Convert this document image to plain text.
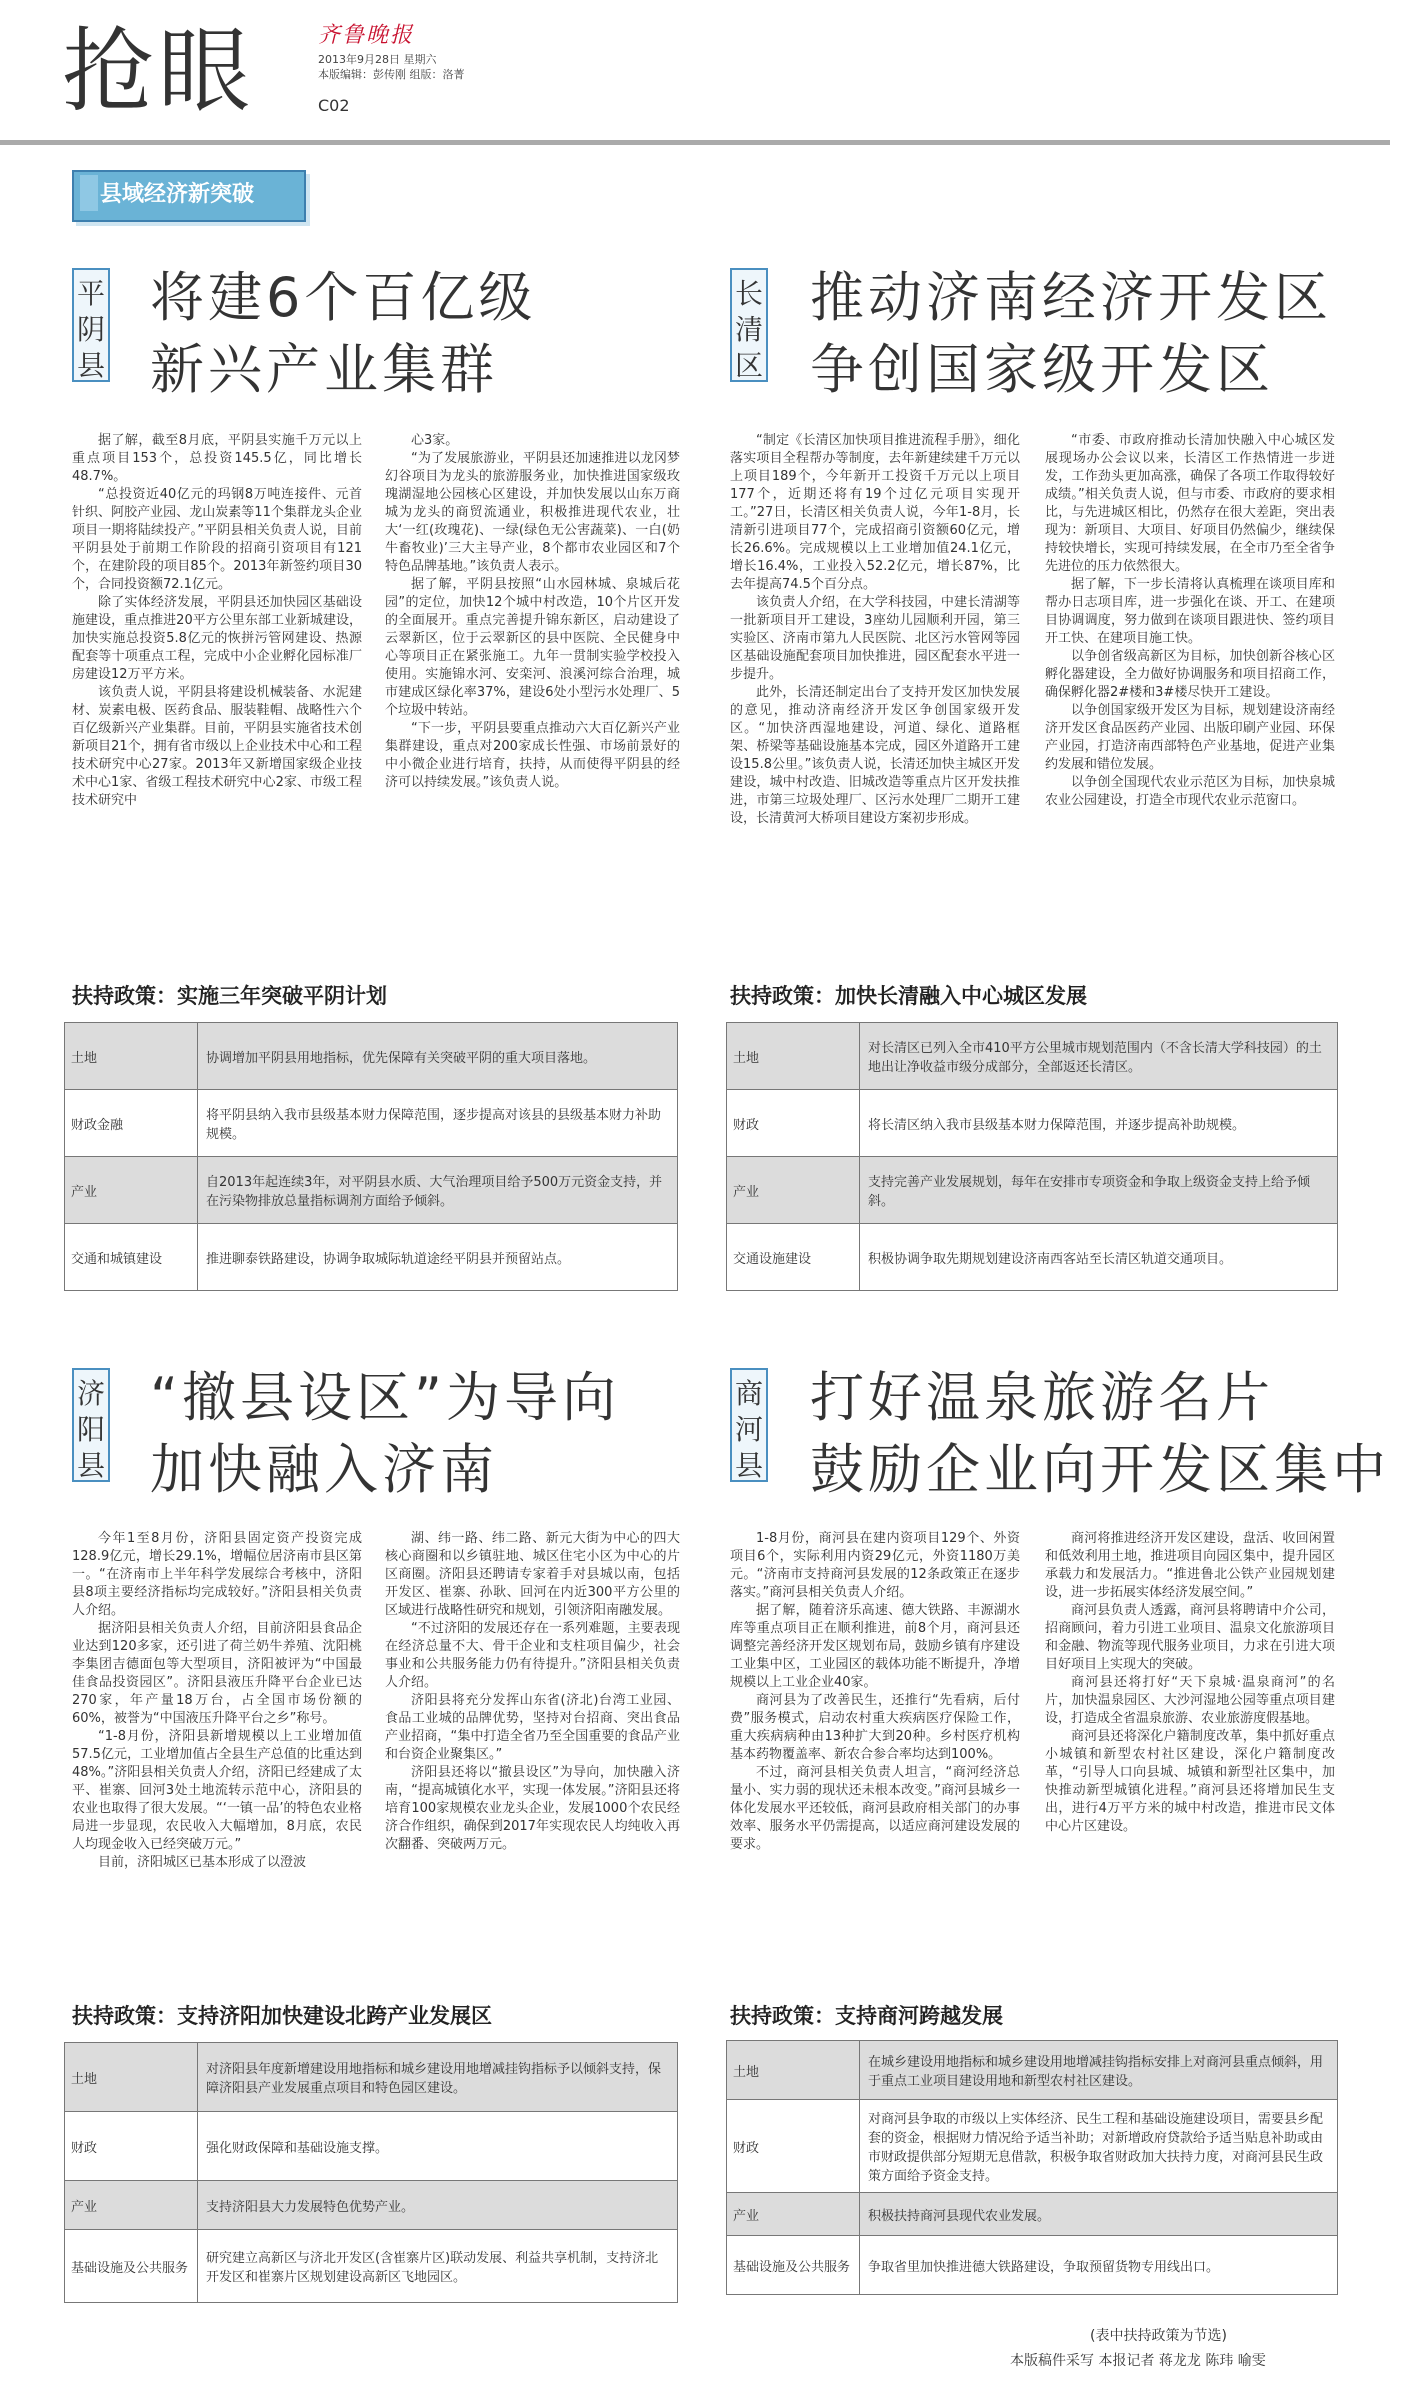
抢眼	齐鲁晚报
2013年9月28日 星期六
本版编辑：彭传刚 组版：洛菁
C02
县域经济新突破
平阴县
将建6个百亿级
新兴产业集群

据了解，截至8月底，平阴县实施千万元以上重点项目153个，总投资145.5亿，同比增长48.7%。

“总投资近40亿元的玛钢8万吨连接件、元首针织、阿胶产业园、龙山炭素等11个集群龙头企业项目一期将陆续投产。”平阴县相关负责人说，目前平阴县处于前期工作阶段的招商引资项目有121个，在建阶段的项目85个。2013年新签约项目30个，合同投资额72.1亿元。

除了实体经济发展，平阴县还加快园区基础设施建设，重点推进20平方公里东部工业新城建设，加快实施总投资5.8亿元的恢拼污管网建设、热源配套等十项重点工程，完成中小企业孵化园标准厂房建设12万平方米。

该负责人说，平阴县将建设机械装备、水泥建材、炭素电极、医药食品、服装鞋帽、战略性六个百亿级新兴产业集群。目前，平阴县实施省技术创新项目21个，拥有省市级以上企业技术中心和工程技术研究中心27家。2013年又新增国家级企业技术中心1家、省级工程技术研究中心2家、市级工程技术研究中

心3家。

“为了发展旅游业，平阴县还加速推进以龙冈梦幻谷项目为龙头的旅游服务业，加快推进国家级玫瑰湖湿地公园核心区建设，并加快发展以山东万商城为龙头的商贸流通业，积极推进现代农业，壮大‘一红(玫瑰花)、一绿(绿色无公害蔬菜)、一白(奶牛畜牧业)’三大主导产业，8个都市农业园区和7个特色品牌基地。”该负责人表示。

据了解，平阴县按照“山水园林城、泉城后花园”的定位，加快12个城中村改造，10个片区开发的全面展开。重点完善提升锦东新区，启动建设了云翠新区，位于云翠新区的县中医院、全民健身中心等项目正在紧张施工。九年一贯制实验学校投入使用。实施锦水河、安栾河、浪溪河综合治理，城市建成区绿化率37%，建设6处小型污水处理厂、5个垃圾中转站。

“下一步，平阴县要重点推动六大百亿新兴产业集群建设，重点对200家成长性强、市场前景好的中小微企业进行培育，扶持，从而使得平阴县的经济可以持续发展。”该负责人说。

扶持政策：实施三年突破平阴计划
土地	协调增加平阴县用地指标，优先保障有关突破平阴的重大项目落地。
财政金融	将平阴县纳入我市县级基本财力保障范围，逐步提高对该县的县级基本财力补助规模。
产业	自2013年起连续3年，对平阴县水质、大气治理项目给予500万元资金支持，并在污染物排放总量指标调剂方面给予倾斜。
交通和城镇建设	推进聊泰铁路建设，协调争取城际轨道途经平阴县并预留站点。
长清区
推动济南经济开发区
争创国家级开发区

“制定《长清区加快项目推进流程手册》，细化落实项目全程帮办等制度，去年新建续建千万元以上项目189个，今年新开工投资千万元以上项目177个，近期还将有19个过亿元项目实现开工。”27日，长清区相关负责人说，今年1-8月，长清新引进项目77个，完成招商引资额60亿元，增长26.6%。完成规模以上工业增加值24.1亿元，增长16.4%，工业投入52.2亿元，增长87%，比去年提高74.5个百分点。

该负责人介绍，在大学科技园，中建长清湖等一批新项目开工建设，3座幼儿园顺利开园，第三实验区、济南市第九人民医院、北区污水管网等园区基础设施配套项目加快推进，园区配套水平进一步提升。

此外，长清还制定出台了支持开发区加快发展的意见，推动济南经济开发区争创国家级开发区。“加快济西湿地建设，河道、绿化、道路框架、桥梁等基础设施基本完成，园区外道路开工建设15.8公里。”该负责人说，长清还加快主城区开发建设，城中村改造、旧城改造等重点片区开发扶推进，市第三垃圾处理厂、区污水处理厂二期开工建设，长清黄河大桥项目建设方案初步形成。

“市委、市政府推动长清加快融入中心城区发展现场办公会议以来，长清区工作热情进一步迸发，工作劲头更加高涨，确保了各项工作取得较好成绩。”相关负责人说，但与市委、市政府的要求相比，与先进城区相比，仍然存在很大差距，突出表现为：新项目、大项目、好项目仍然偏少，继续保持较快增长，实现可持续发展，在全市乃至全省争先进位的压力依然很大。

据了解，下一步长清将认真梳理在谈项目库和帮办日志项目库，进一步强化在谈、开工、在建项目协调调度，努力做到在谈项目跟进快、签约项目开工快、在建项目施工快。

以争创省级高新区为目标，加快创新谷核心区孵化器建设，全力做好协调服务和项目招商工作，确保孵化器2#楼和3#楼尽快开工建设。

以争创国家级开发区为目标，规划建设济南经济开发区食品医药产业园、出版印刷产业园、环保产业园，打造济南西部特色产业基地，促进产业集约发展和错位发展。

以争创全国现代农业示范区为目标，加快泉城农业公园建设，打造全市现代农业示范窗口。

扶持政策：加快长清融入中心城区发展
土地	对长清区已列入全市410平方公里城市规划范围内（不含长清大学科技园）的土地出让净收益市级分成部分，全部返还长清区。
财政	将长清区纳入我市县级基本财力保障范围，并逐步提高补助规模。
产业	支持完善产业发展规划，每年在安排市专项资金和争取上级资金支持上给予倾斜。
交通设施建设	积极协调争取先期规划建设济南西客站至长清区轨道交通项目。
济阳县
“撤县设区”为导向
加快融入济南

今年1至8月份，济阳县固定资产投资完成128.9亿元，增长29.1%，增幅位居济南市县区第一。“在济南市上半年科学发展综合考核中，济阳县8项主要经济指标均完成较好。”济阳县相关负责人介绍。

据济阳县相关负责人介绍，目前济阳县食品企业达到120多家，还引进了荷兰奶牛养殖、沈阳桃李集团吉德面包等大型项目，济阳被评为“中国最佳食品投资园区”。济阳县液压升降平台企业已达270家，年产量18万台，占全国市场份额的60%，被誉为“中国液压升降平台之乡”称号。

“1-8月份，济阳县新增规模以上工业增加值57.5亿元，工业增加值占全县生产总值的比重达到48%。”济阳县相关负责人介绍，济阳已经建成了太平、崔寨、回河3处土地流转示范中心，济阳县的农业也取得了很大发展。“‘一镇一品’的特色农业格局进一步显现，农民收入大幅增加，8月底，农民人均现金收入已经突破万元。”

目前，济阳城区已基本形成了以澄波

湖、纬一路、纬二路、新元大街为中心的四大核心商圈和以乡镇驻地、城区住宅小区为中心的片区商圈。济阳县还聘请专家着手对县城以南，包括开发区、崔寨、孙耿、回河在内近300平方公里的区域进行战略性研究和规划，引领济阳南融发展。

“不过济阳的发展还存在一系列难题，主要表现在经济总量不大、骨干企业和支柱项目偏少，社会事业和公共服务能力仍有待提升。”济阳县相关负责人介绍。

济阳县将充分发挥山东省(济北)台湾工业园、食品工业城的品牌优势，坚持对台招商、突出食品产业招商，“集中打造全省乃至全国重要的食品产业和台资企业聚集区。”

济阳县还将以“撤县设区”为导向，加快融入济南，“提高城镇化水平，实现一体发展。”济阳县还将培育100家规模农业龙头企业，发展1000个农民经济合作组织，确保到2017年实现农民人均纯收入再次翻番、突破两万元。

扶持政策：支持济阳加快建设北跨产业发展区
土地	对济阳县年度新增建设用地指标和城乡建设用地增减挂钩指标予以倾斜支持，保障济阳县产业发展重点项目和特色园区建设。
财政	强化财政保障和基础设施支撑。
产业	支持济阳县大力发展特色优势产业。
基础设施及公共服务	研究建立高新区与济北开发区(含崔寨片区)联动发展、利益共享机制，支持济北开发区和崔寨片区规划建设高新区飞地园区。
商河县
打好温泉旅游名片
鼓励企业向开发区集中

1-8月份，商河县在建内资项目129个、外资项目6个，实际利用内资29亿元，外资1180万美元。“济南市支持商河县发展的12条政策正在逐步落实。”商河县相关负责人介绍。

据了解，随着济乐高速、德大铁路、丰源湖水库等重点项目正在顺利推进，前8个月，商河县还调整完善经济开发区规划布局，鼓励乡镇有序建设工业集中区，工业园区的载体功能不断提升，净增规模以上工业企业40家。

商河县为了改善民生，还推行“先看病，后付费”服务模式，启动农村重大疾病医疗保险工作，重大疾病病种由13种扩大到20种。乡村医疗机构基本药物覆盖率、新农合参合率均达到100%。

不过，商河县相关负责人坦言，“商河经济总量小、实力弱的现状还未根本改变。”商河县城乡一体化发展水平还较低，商河县政府相关部门的办事效率、服务水平仍需提高，以适应商河建设发展的要求。

商河将推进经济开发区建设，盘活、收回闲置和低效利用土地，推进项目向园区集中，提升园区承载力和发展活力。“推进鲁北公铁产业园规划建设，进一步拓展实体经济发展空间。”

商河县负责人透露，商河县将聘请中介公司，招商顾问，着力引进工业项目、温泉文化旅游项目和金融、物流等现代服务业项目，力求在引进大项目好项目上实现大的突破。

商河县还将打好“天下泉城·温泉商河”的名片，加快温泉园区、大沙河湿地公园等重点项目建设，打造成全省温泉旅游、农业旅游度假基地。

商河县还将深化户籍制度改革，集中抓好重点小城镇和新型农村社区建设，深化户籍制度改革，“引导人口向县城、城镇和新型社区集中，加快推动新型城镇化进程。”商河县还将增加民生支出，进行4万平方米的城中村改造，推进市民文体中心片区建设。

扶持政策：支持商河跨越发展
土地	在城乡建设用地指标和城乡建设用地增减挂钩指标安排上对商河县重点倾斜，用于重点工业项目建设用地和新型农村社区建设。
财政	对商河县争取的市级以上实体经济、民生工程和基础设施建设项目，需要县乡配套的资金，根据财力情况给予适当补助；对新增政府贷款给予适当贴息补助或由市财政提供部分短期无息借款，积极争取省财政加大扶持力度，对商河县民生政策方面给予资金支持。
产业	积极扶持商河县现代农业发展。
基础设施及公共服务	争取省里加快推进德大铁路建设，争取预留货物专用线出口。
(表中扶持政策为节选)
本版稿件采写 本报记者 蒋龙龙 陈玮 喻雯
